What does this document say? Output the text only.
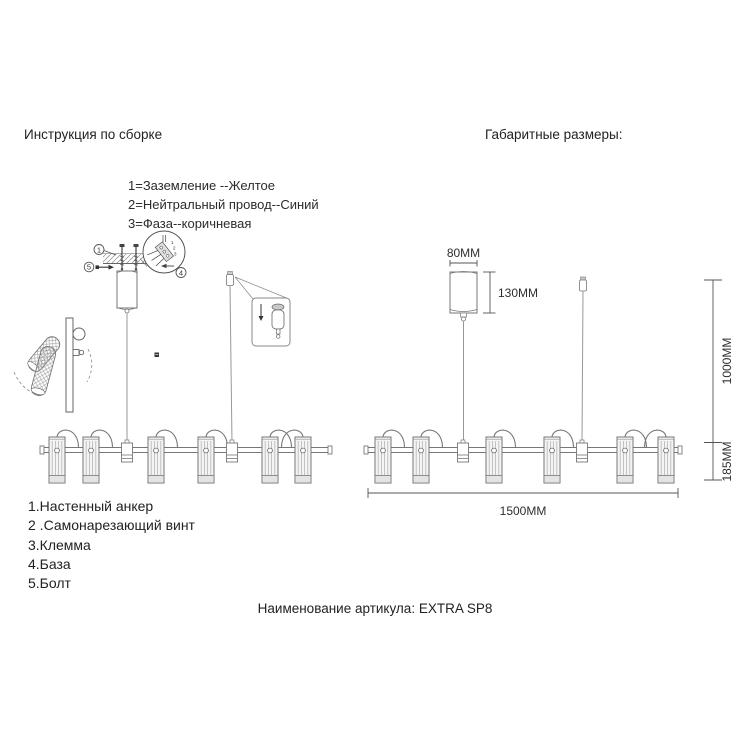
1
5
1
2
3
4
80MM
130MM
1000MM
185MM
1500MM
Инструкция по сборке
1=Заземление --Желтое
2=Нейтральный провод--Синий
3=Фаза--коричневая
Габаритные размеры:
1.Настенный анкер
2 .Самонарезающий винт
3.Клемма
4.База
5.Болт
Наименование артикула: EXTRA SP8
